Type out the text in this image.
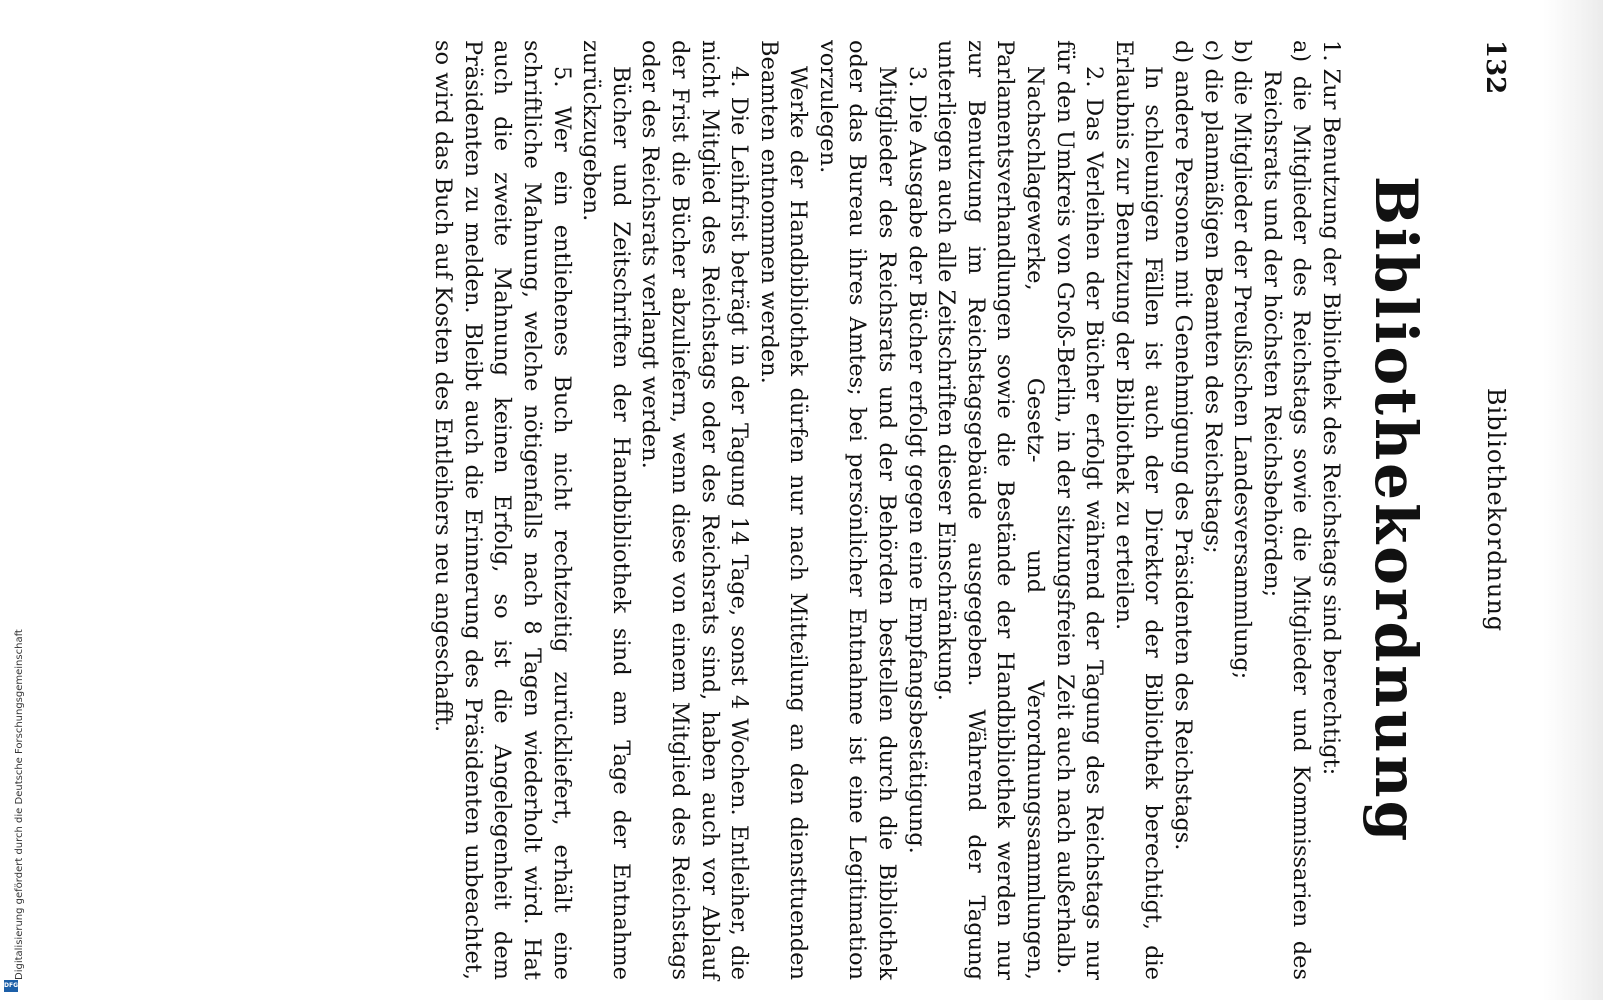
132
Bibliothekordnung
Bibliothekordnung

1. Zur Benutzung der Bibliothek des Reichstags sind berechtigt:

a) die Mitglieder des Reichstags sowie die Mitglieder und Kommissarien des Reichsrats und der höchsten Reichsbehörden;

b) die Mitglieder der Preußischen Landesversammlung;

c) die planmäßigen Beamten des Reichstags;

d) andere Personen mit Genehmigung des Präsidenten des Reichstags.

In schleunigen Fällen ist auch der Direktor der Bibliothek berechtigt, die Erlaubnis zur Benutzung der Bibliothek zu erteilen.

2. Das Verleihen der Bücher erfolgt während der Tagung des Reichstags nur für den Umkreis von Groß-Berlin, in der sitzungsfreien Zeit auch nach außerhalb.

Nachschlagewerke, Gesetz- und Verordnungssammlungen, Parlamentsverhandlungen sowie die Bestände der Handbibliothek werden nur zur Benutzung im Reichstagsgebäude ausgegeben. Während der Tagung unterliegen auch alle Zeitschriften dieser Einschränkung.

3. Die Ausgabe der Bücher erfolgt gegen eine Empfangsbestätigung.

Mitglieder des Reichsrats und der Behörden bestellen durch die Bibliothek oder das Bureau ihres Amtes; bei persönlicher Entnahme ist eine Legitimation vorzulegen.

Werke der Handbibliothek dürfen nur nach Mitteilung an den diensttuenden Beamten entnommen werden.

4. Die Leihfrist beträgt in der Tagung 14 Tage, sonst 4 Wochen. Entleiher, die nicht Mitglied des Reichstags oder des Reichsrats sind, haben auch vor Ablauf der Frist die Bücher abzuliefern, wenn diese von einem Mitglied des Reichstags oder des Reichsrats verlangt werden.

Bücher und Zeitschriften der Handbibliothek sind am Tage der Entnahme zurückzugeben.

5. Wer ein entliehenes Buch nicht rechtzeitig zurückliefert, erhält eine schriftliche Mahnung, welche nötigenfalls nach 8 Tagen wiederholt wird. Hat auch die zweite Mahnung keinen Erfolg, so ist die Angelegenheit dem Präsidenten zu melden. Bleibt auch die Erinnerung des Präsidenten unbeachtet, so wird das Buch auf Kosten des Entleihers neu angeschafft.

Digitalisierung gefördert durch die Deutsche Forschungsgemeinschaft
DFG
